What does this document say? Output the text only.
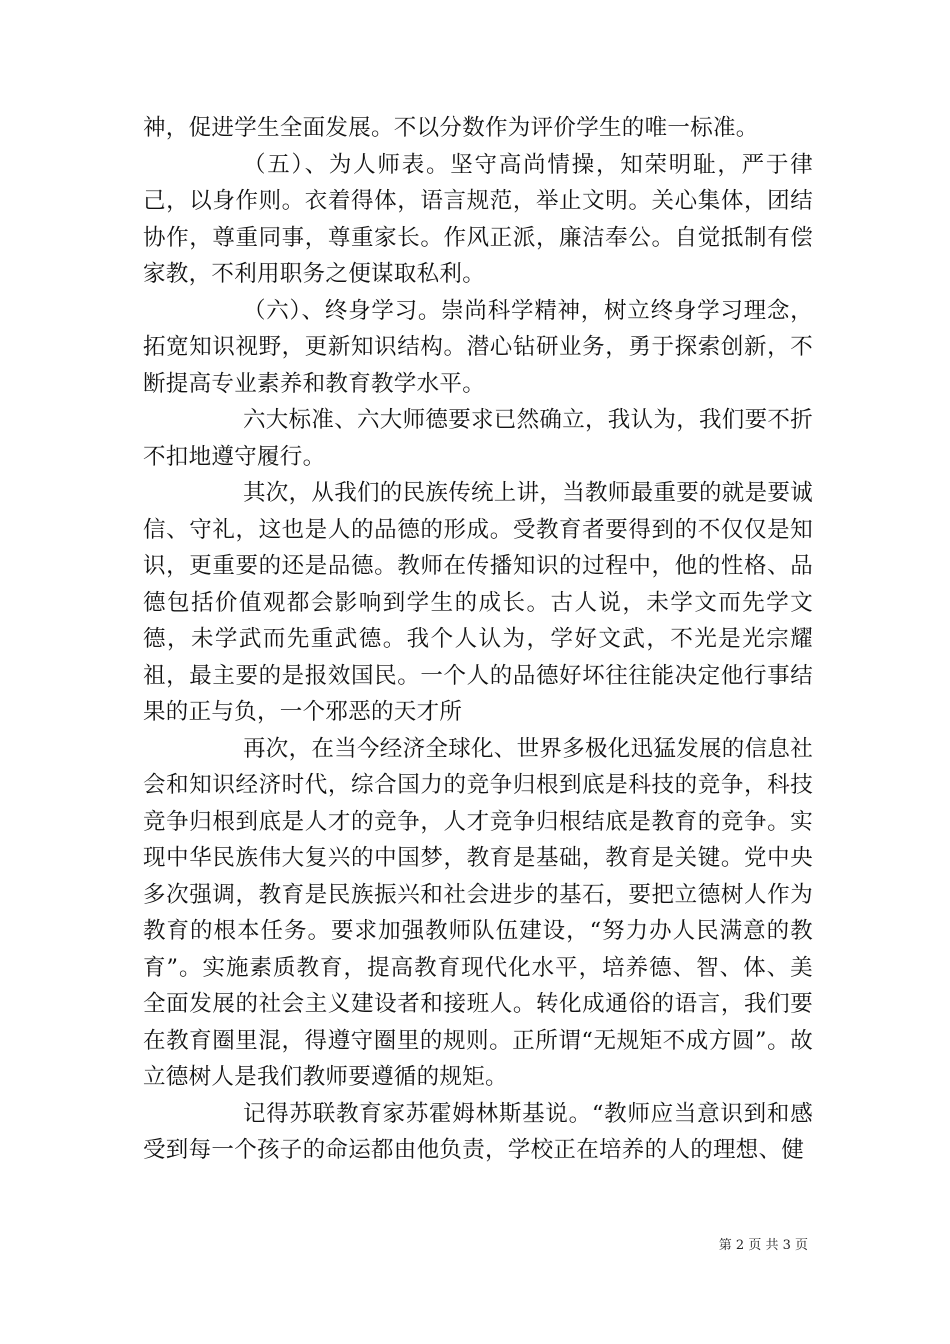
神，促进学生全面发展。不以分数作为评价学生的唯一标准。

（五）、为人师表。坚守高尚情操，知荣明耻，严于律己，以身作则。衣着得体，语言规范，举止文明。关心集体，团结协作，尊重同事，尊重家长。作风正派，廉洁奉公。自觉抵制有偿家教，不利用职务之便谋取私利。

（六）、终身学习。崇尚科学精神，树立终身学习理念，拓宽知识视野，更新知识结构。潜心钻研业务，勇于探索创新，不断提高专业素养和教育教学水平。

六大标准、六大师德要求已然确立，我认为，我们要不折不扣地遵守履行。

其次，从我们的民族传统上讲，当教师最重要的就是要诚信、守礼，这也是人的品德的形成。受教育者要得到的不仅仅是知识，更重要的还是品德。教师在传播知识的过程中，他的性格、品德包括价值观都会影响到学生的成长。古人说，未学文而先学文德，未学武而先重武德。我个人认为，学好文武，不光是光宗耀祖，最主要的是报效国民。一个人的品德好坏往往能决定他行事结果的正与负，一个邪恶的天才所

再次，在当今经济全球化、世界多极化迅猛发展的信息社会和知识经济时代，综合国力的竞争归根到底是科技的竞争，科技竞争归根到底是人才的竞争，人才竞争归根结底是教育的竞争。实现中华民族伟大复兴的中国梦，教育是基础，教育是关键。党中央多次强调，教育是民族振兴和社会进步的基石，要把立德树人作为教育的根本任务。要求加强教师队伍建设，“努力办人民满意的教育”。实施素质教育，提高教育现代化水平，培养德、智、体、美全面发展的社会主义建设者和接班人。转化成通俗的语言，我们要在教育圈里混，得遵守圈里的规则。正所谓“无规矩不成方圆”。故立德树人是我们教师要遵循的规矩。

记得苏联教育家苏霍姆林斯基说。“教师应当意识到和感受到每一个孩子的命运都由他负责，学校正在培养的人的理想、健

第 2 页 共 3 页
